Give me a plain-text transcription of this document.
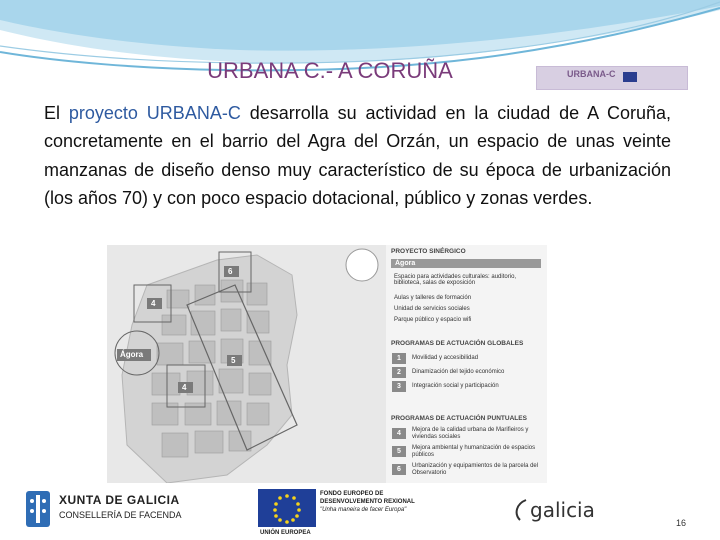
URBANA C.- A CORUÑA	URBANA-C
El proyecto URBANA-C desarrolla su actividad en la ciudad de A Coruña, concretamente en el barrio del Agra del Orzán, un espacio de unas veinte manzanas de diseño denso muy característico de su época de urbanización (los años 70) y con poco espacio dotacional, público y zonas verdes.
4
6
5
4
Ágora
PROYECTO SINÉRGICO
Ágora
Espacio para actividades culturales: auditorio, biblioteca, salas de exposición
Aulas y talleres de formación
Unidad de servicios sociales
Parque público y espacio wifi
PROGRAMAS DE ACTUACIÓN GLOBALES
1	Movilidad y accesibilidad
2	Dinamización del tejido económico
3	Integración social y participación
PROGRAMAS DE ACTUACIÓN PUNTUALES
4	Mejora de la calidad urbana de Marifieiros y viviendas sociales
5	Mejora ambiental y humanización de espacios públicos
6	Urbanización y equipamientos de la parcela del Observatorio
XUNTA DE GALICIA
CONSELLERÍA DE FACENDA
UNIÓN EUROPEA
FONDO EUROPEO DE
DESENVOLVEMENTO REXIONAL
"Unha maneira de facer Europa"	galicia
16
